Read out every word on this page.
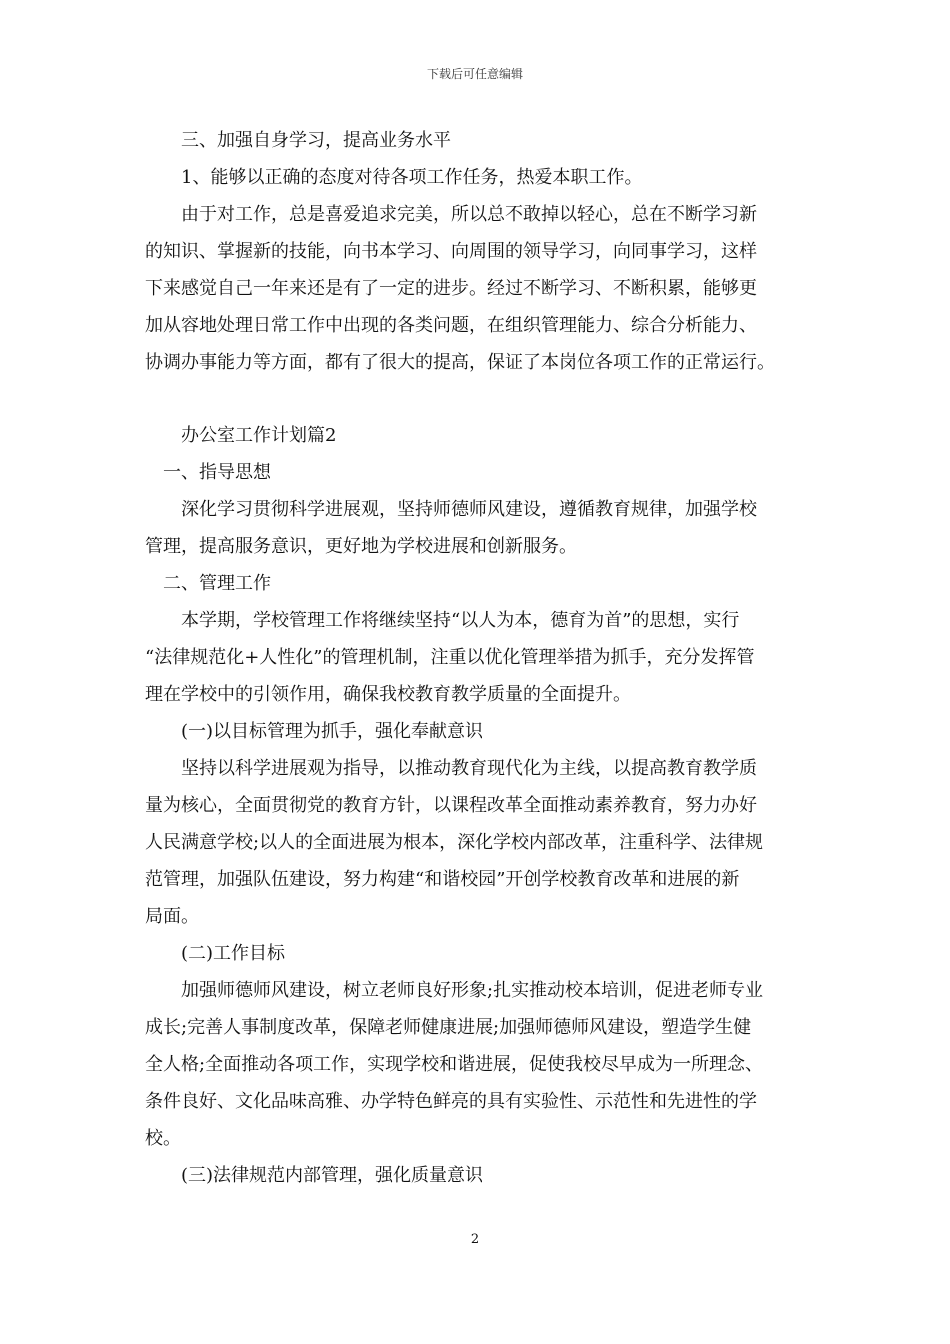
下载后可任意编辑
三、加强自身学习，提高业务水平
1、能够以正确的态度对待各项工作任务，热爱本职工作。
由于对工作，总是喜爱追求完美，所以总不敢掉以轻心，总在不断学习新
的知识、掌握新的技能，向书本学习、向周围的领导学习，向同事学习，这样
下来感觉自己一年来还是有了一定的进步。经过不断学习、不断积累，能够更
加从容地处理日常工作中出现的各类问题，在组织管理能力、综合分析能力、
协调办事能力等方面，都有了很大的提高，保证了本岗位各项工作的正常运行。
办公室工作计划篇2
一、指导思想
深化学习贯彻科学进展观，坚持师德师风建设，遵循教育规律，加强学校
管理，提高服务意识，更好地为学校进展和创新服务。
二、管理工作
本学期，学校管理工作将继续坚持“以人为本，德育为首”的思想，实行
“法律规范化+人性化”的管理机制，注重以优化管理举措为抓手，充分发挥管
理在学校中的引领作用，确保我校教育教学质量的全面提升。
(一)以目标管理为抓手，强化奉献意识
坚持以科学进展观为指导，以推动教育现代化为主线，以提高教育教学质
量为核心，全面贯彻党的教育方针，以课程改革全面推动素养教育，努力办好
人民满意学校;以人的全面进展为根本，深化学校内部改革，注重科学、法律规
范管理，加强队伍建设，努力构建“和谐校园”开创学校教育改革和进展的新
局面。
(二)工作目标
加强师德师风建设，树立老师良好形象;扎实推动校本培训，促进老师专业
成长;完善人事制度改革，保障老师健康进展;加强师德师风建设，塑造学生健
全人格;全面推动各项工作，实现学校和谐进展，促使我校尽早成为一所理念、
条件良好、文化品味高雅、办学特色鲜亮的具有实验性、示范性和先进性的学
校。
(三)法律规范内部管理，强化质量意识
2
